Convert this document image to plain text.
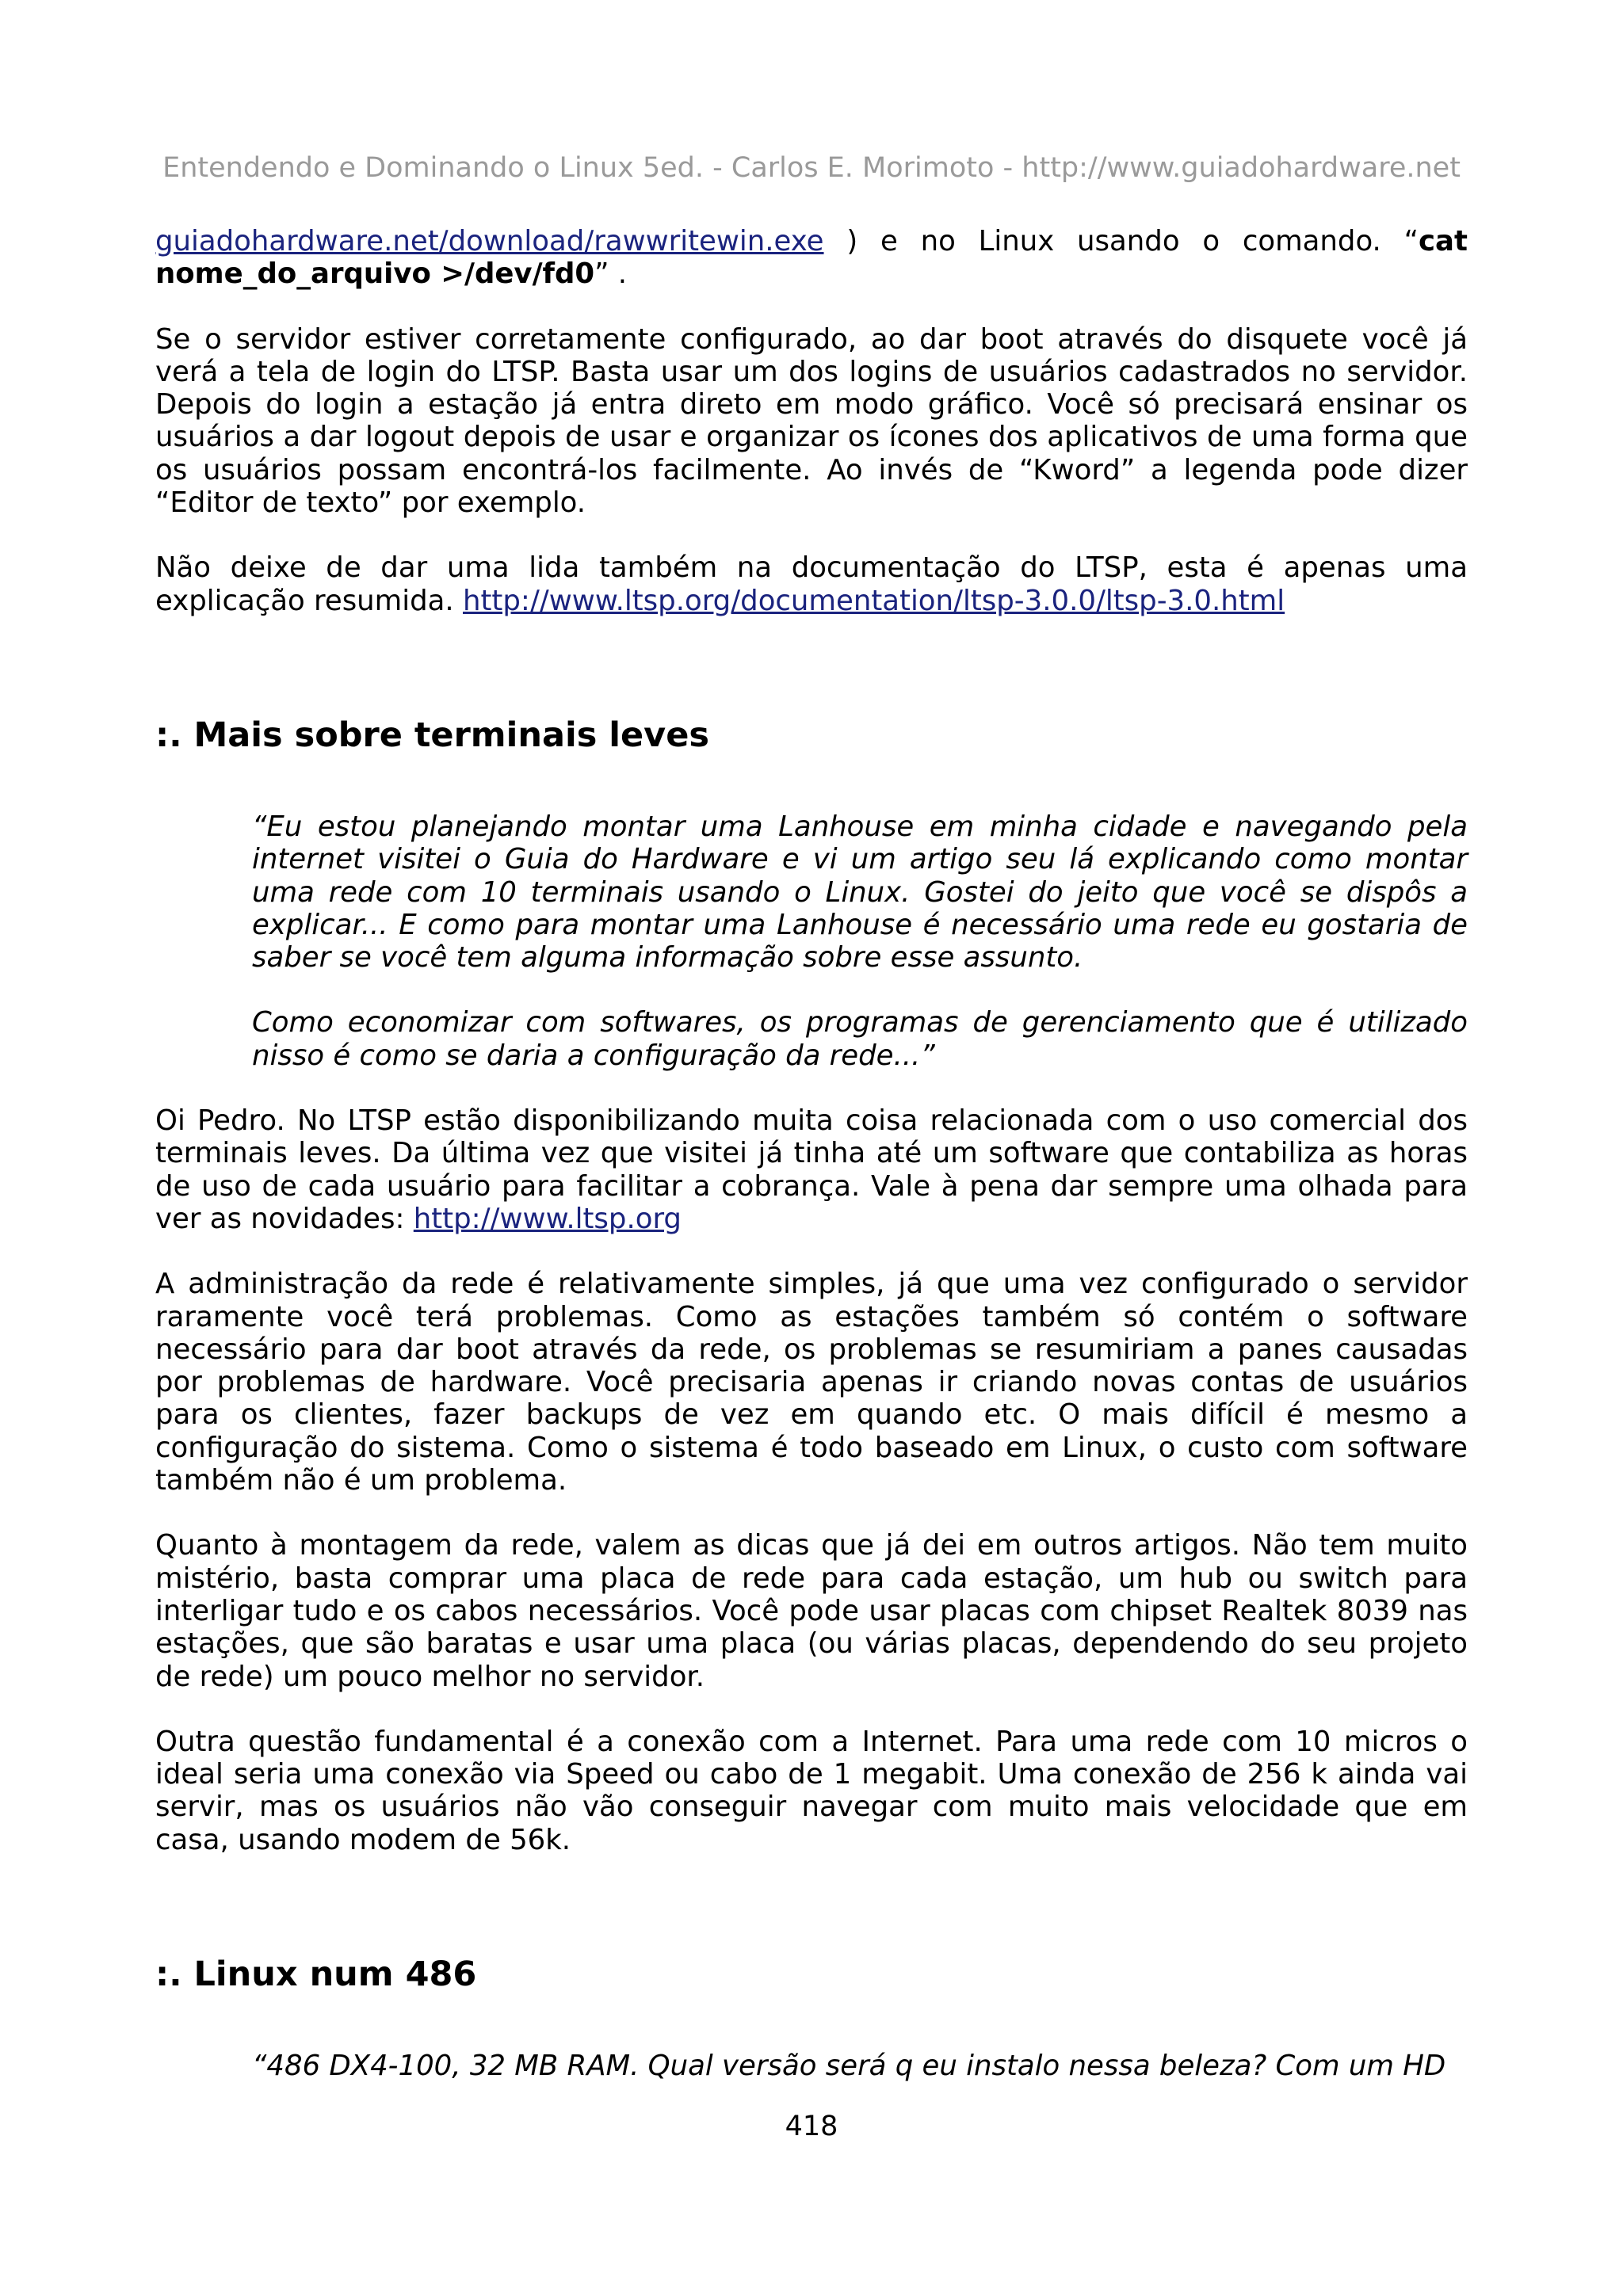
Entendendo e Dominando o Linux 5ed. - Carlos E. Morimoto - http://www.guiadohardware.net

guiadohardware.net/download/rawwritewin.exe ) e no Linux usando o comando. “cat nome_do_arquivo >/dev/fd0” .

Se o servidor estiver corretamente configurado, ao dar boot através do disquete você já verá a tela de login do LTSP. Basta usar um dos logins de usuários cadastrados no servidor. Depois do login a estação já entra direto em modo gráfico. Você só precisará ensinar os usuários a dar logout depois de usar e organizar os ícones dos aplicativos de uma forma que os usuários possam encontrá-los facilmente. Ao invés de “Kword” a legenda pode dizer “Editor de texto” por exemplo.

Não deixe de dar uma lida também na documentação do LTSP, esta é apenas uma explicação resumida. http://www.ltsp.org/documentation/ltsp-3.0.0/ltsp-3.0.html

:. Mais sobre terminais leves

“Eu estou planejando montar uma Lanhouse em minha cidade e navegando pela internet visitei o Guia do Hardware e vi um artigo seu lá explicando como montar uma rede com 10 terminais usando o Linux. Gostei do jeito que você se dispôs a explicar... E como para montar uma Lanhouse é necessário uma rede eu gostaria de saber se você tem alguma informação sobre esse assunto.

Como economizar com softwares, os programas de gerenciamento que é utilizado nisso é como se daria a configuração da rede...”

Oi Pedro. No LTSP estão disponibilizando muita coisa relacionada com o uso comercial dos terminais leves. Da última vez que visitei já tinha até um software que contabiliza as horas de uso de cada usuário para facilitar a cobrança. Vale à pena dar sempre uma olhada para ver as novidades: http://www.ltsp.org

A administração da rede é relativamente simples, já que uma vez configurado o servidor raramente você terá problemas. Como as estações também só contém o software necessário para dar boot através da rede, os problemas se resumiriam a panes causadas por problemas de hardware. Você precisaria apenas ir criando novas contas de usuários para os clientes, fazer backups de vez em quando etc. O mais difícil é mesmo a configuração do sistema. Como o sistema é todo baseado em Linux, o custo com software também não é um problema.

Quanto à montagem da rede, valem as dicas que já dei em outros artigos. Não tem muito mistério, basta comprar uma placa de rede para cada estação, um hub ou switch para interligar tudo e os cabos necessários. Você pode usar placas com chipset Realtek 8039 nas estações, que são baratas e usar uma placa (ou várias placas, dependendo do seu projeto de rede) um pouco melhor no servidor.

Outra questão fundamental é a conexão com a Internet. Para uma rede com 10 micros o ideal seria uma conexão via Speed ou cabo de 1 megabit. Uma conexão de 256 k ainda vai servir, mas os usuários não vão conseguir navegar com muito mais velocidade que em casa, usando modem de 56k.

:. Linux num 486

“486 DX4-100, 32 MB RAM. Qual versão será q eu instalo nessa beleza? Com um HD

418
